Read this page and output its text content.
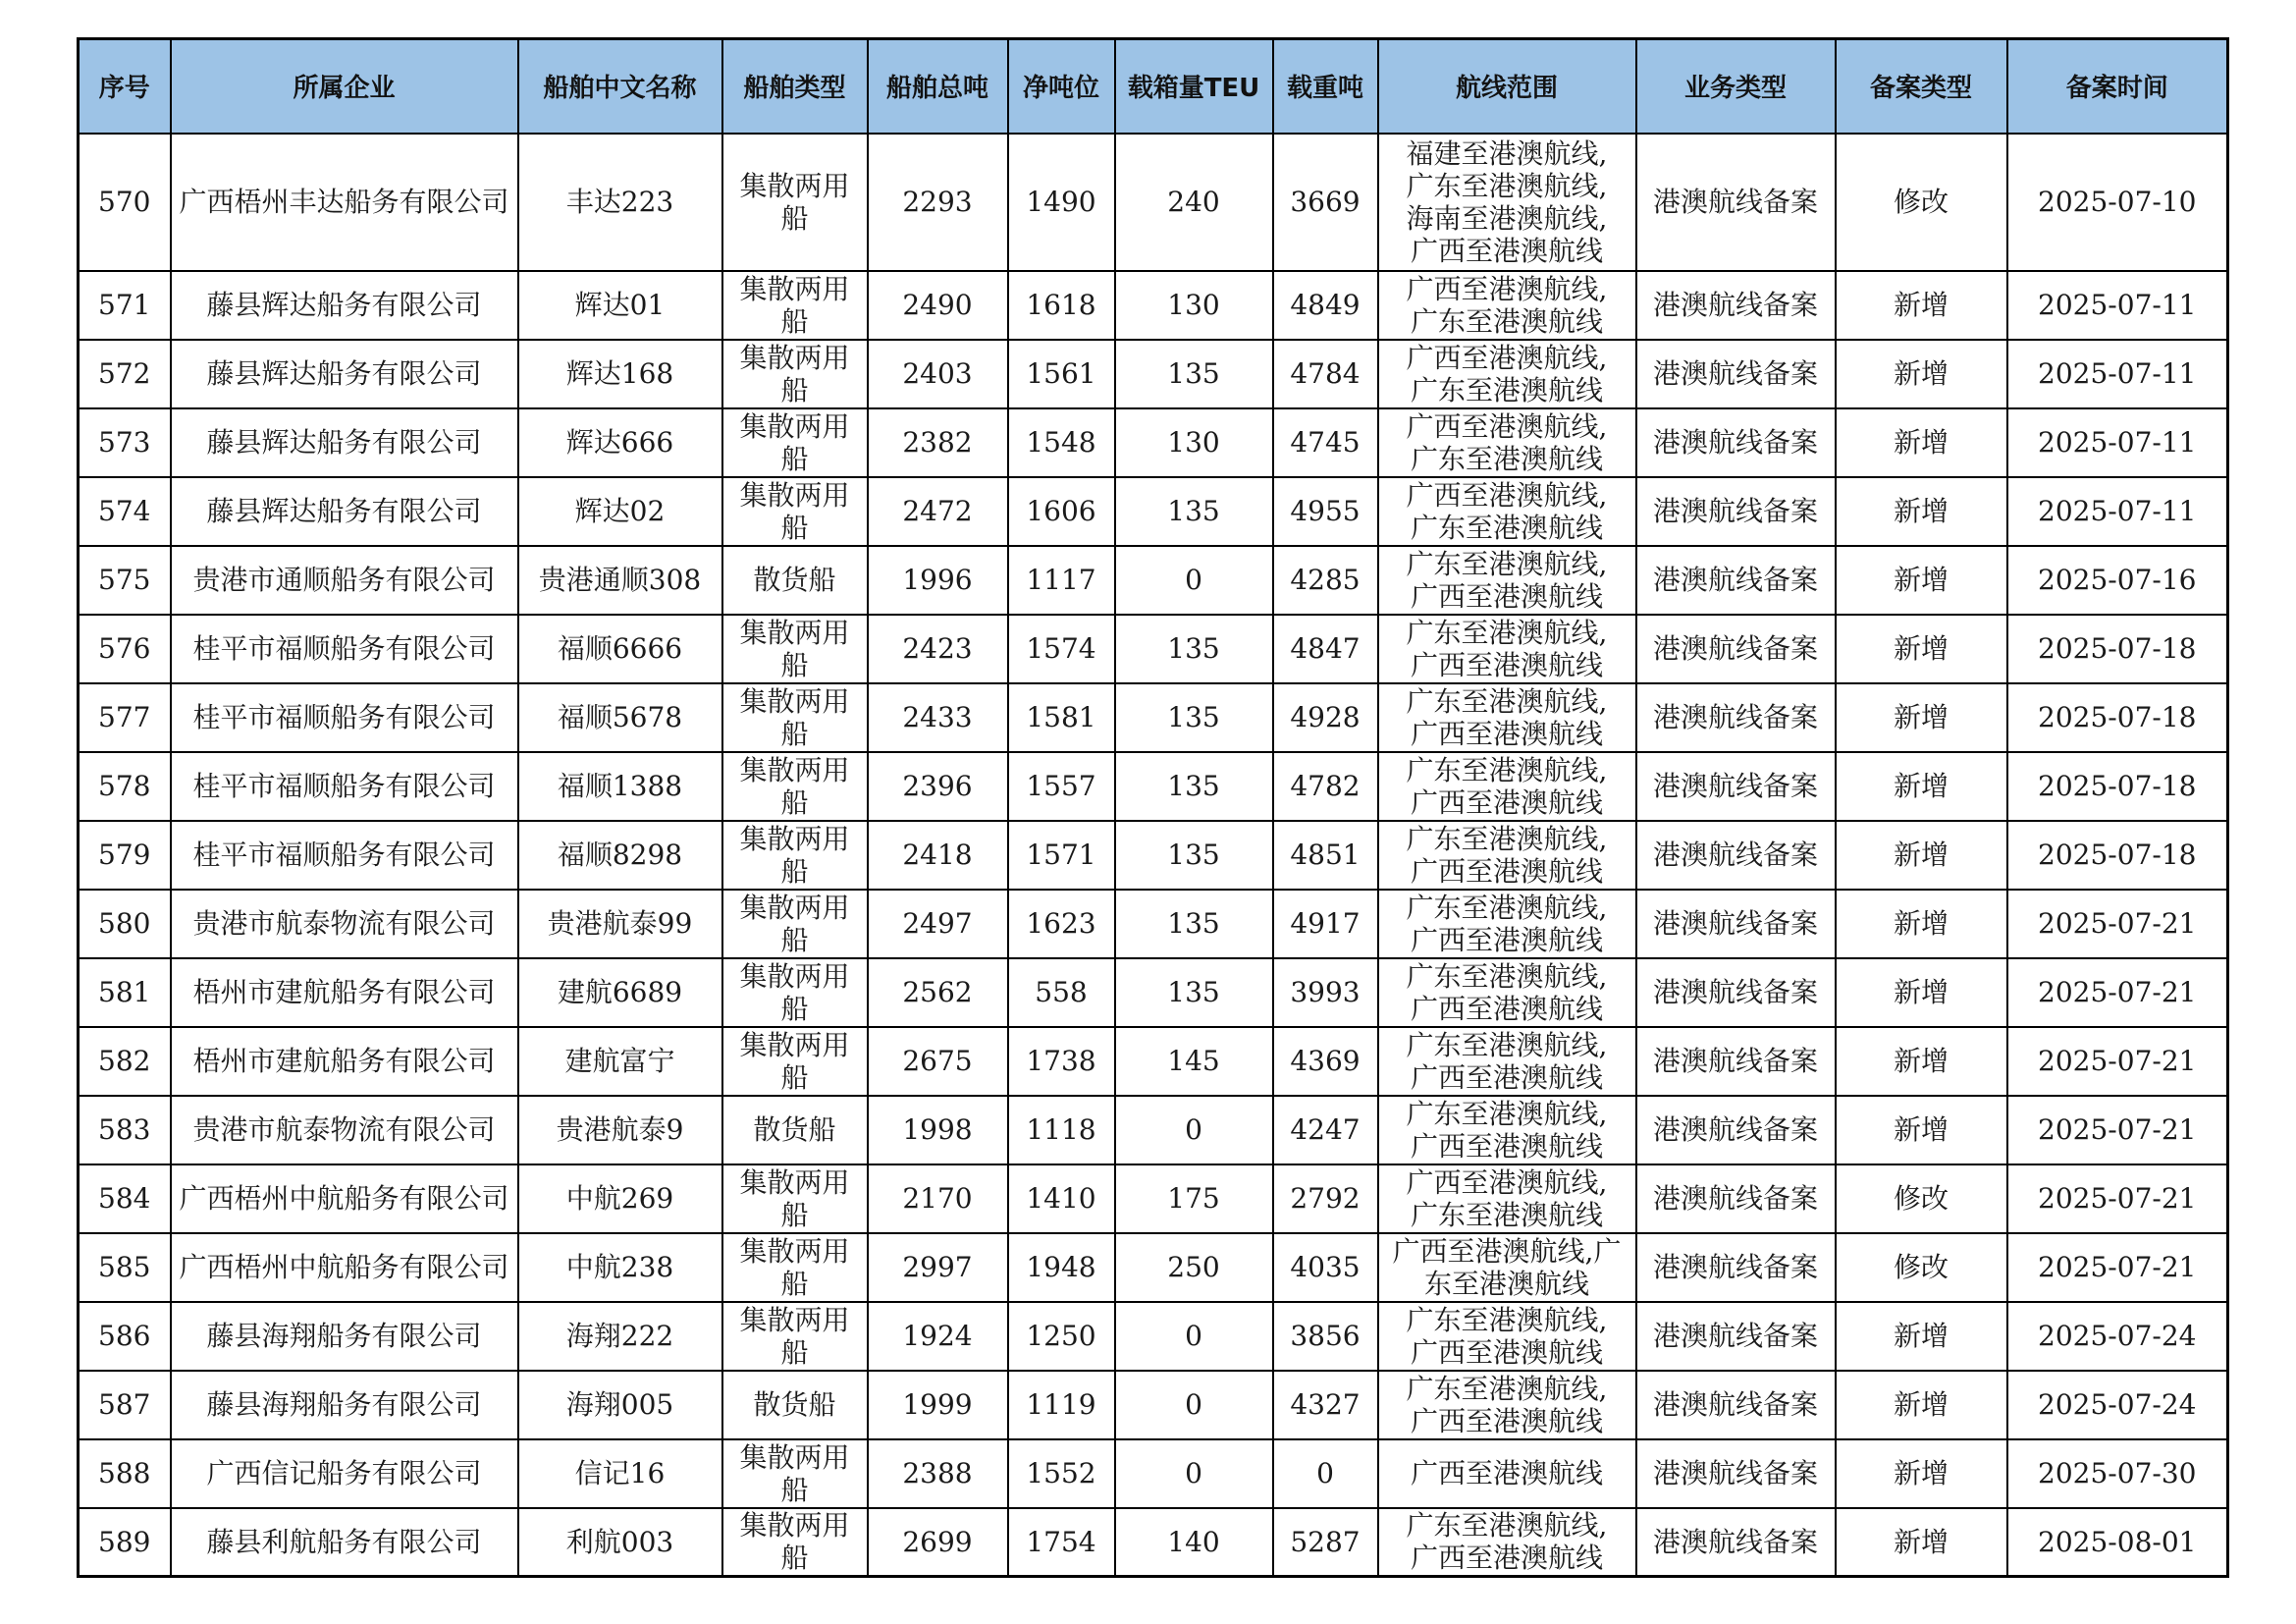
序号	所属企业	船舶中文名称	船舶类型	船舶总吨	净吨位	载箱量TEU	载重吨	航线范围	业务类型	备案类型	备案时间

570	广西梧州丰达船务有限公司	丰达223	集散两用船	2293	1490	240	3669	福建至港澳航线,
广东至港澳航线,
海南至港澳航线,
广西至港澳航线	港澳航线备案	修改	2025-07-10

571	藤县辉达船务有限公司	辉达01	集散两用船	2490	1618	130	4849	广西至港澳航线,
广东至港澳航线	港澳航线备案	新增	2025-07-11

572	藤县辉达船务有限公司	辉达168	集散两用船	2403	1561	135	4784	广西至港澳航线,
广东至港澳航线	港澳航线备案	新增	2025-07-11

573	藤县辉达船务有限公司	辉达666	集散两用船	2382	1548	130	4745	广西至港澳航线,
广东至港澳航线	港澳航线备案	新增	2025-07-11

574	藤县辉达船务有限公司	辉达02	集散两用船	2472	1606	135	4955	广西至港澳航线,
广东至港澳航线	港澳航线备案	新增	2025-07-11

575	贵港市通顺船务有限公司	贵港通顺308	散货船	1996	1117	0	4285	广东至港澳航线,
广西至港澳航线	港澳航线备案	新增	2025-07-16

576	桂平市福顺船务有限公司	福顺6666	集散两用船	2423	1574	135	4847	广东至港澳航线,
广西至港澳航线	港澳航线备案	新增	2025-07-18

577	桂平市福顺船务有限公司	福顺5678	集散两用船	2433	1581	135	4928	广东至港澳航线,
广西至港澳航线	港澳航线备案	新增	2025-07-18

578	桂平市福顺船务有限公司	福顺1388	集散两用船	2396	1557	135	4782	广东至港澳航线,
广西至港澳航线	港澳航线备案	新增	2025-07-18

579	桂平市福顺船务有限公司	福顺8298	集散两用船	2418	1571	135	4851	广东至港澳航线,
广西至港澳航线	港澳航线备案	新增	2025-07-18

580	贵港市航泰物流有限公司	贵港航泰99	集散两用船	2497	1623	135	4917	广东至港澳航线,
广西至港澳航线	港澳航线备案	新增	2025-07-21

581	梧州市建航船务有限公司	建航6689	集散两用船	2562	558	135	3993	广东至港澳航线,
广西至港澳航线	港澳航线备案	新增	2025-07-21

582	梧州市建航船务有限公司	建航富宁	集散两用船	2675	1738	145	4369	广东至港澳航线,
广西至港澳航线	港澳航线备案	新增	2025-07-21

583	贵港市航泰物流有限公司	贵港航泰9	散货船	1998	1118	0	4247	广东至港澳航线,
广西至港澳航线	港澳航线备案	新增	2025-07-21

584	广西梧州中航船务有限公司	中航269	集散两用船	2170	1410	175	2792	广西至港澳航线,
广东至港澳航线	港澳航线备案	修改	2025-07-21

585	广西梧州中航船务有限公司	中航238	集散两用船	2997	1948	250	4035	广西至港澳航线,广
东至港澳航线	港澳航线备案	修改	2025-07-21

586	藤县海翔船务有限公司	海翔222	集散两用船	1924	1250	0	3856	广东至港澳航线,
广西至港澳航线	港澳航线备案	新增	2025-07-24

587	藤县海翔船务有限公司	海翔005	散货船	1999	1119	0	4327	广东至港澳航线,
广西至港澳航线	港澳航线备案	新增	2025-07-24

588	广西信记船务有限公司	信记16	集散两用船	2388	1552	0	0	广西至港澳航线	港澳航线备案	新增	2025-07-30

589	藤县利航船务有限公司	利航003	集散两用船	2699	1754	140	5287	广东至港澳航线,
广西至港澳航线	港澳航线备案	新增	2025-08-01
